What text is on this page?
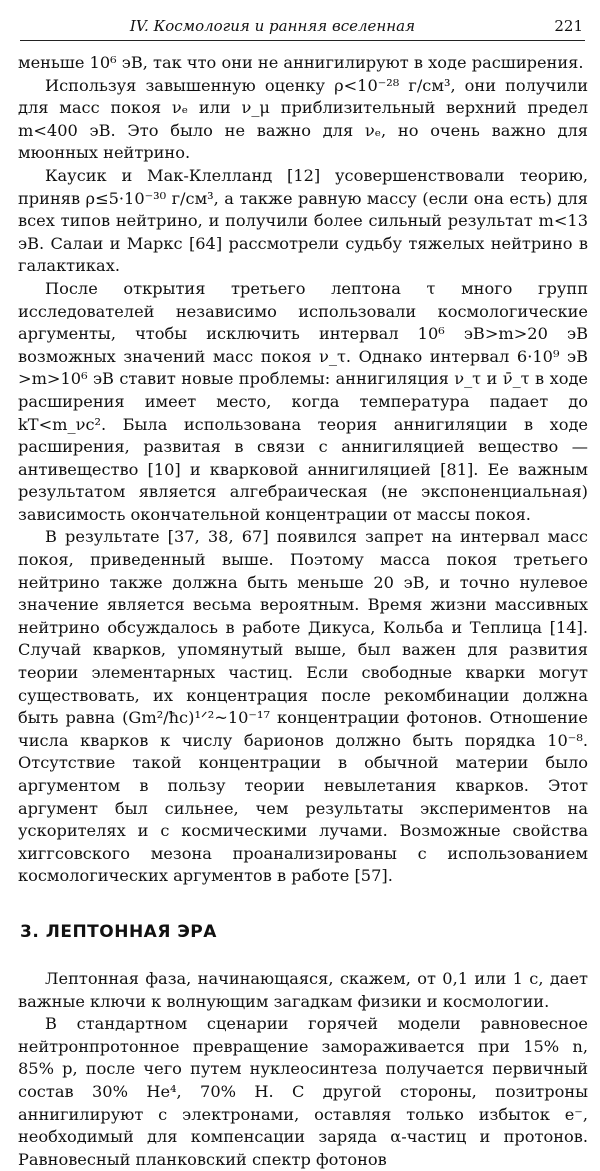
IV. Космология и ранняя вселенная	221

меньше 10⁶ эВ, так что они не аннигилируют в ходе расширения.

Используя завышенную оценку ρ<10⁻²⁸ г/см³, они получили для масс покоя νₑ или ν_μ приблизительный верхний предел m<400 эВ. Это было не важно для νₑ, но очень важно для мюонных нейтрино.

Каусик и Мак-Клелланд [12] усовершенствовали теорию, приняв ρ≤5·10⁻³⁰ г/см³, а также равную массу (если она есть) для всех типов нейтрино, и получили более сильный результат m<13 эВ. Салаи и Маркс [64] рассмотрели судьбу тяжелых нейтрино в галактиках.

После открытия третьего лептона τ много групп исследователей независимо использовали космологические аргументы, чтобы исключить интервал 10⁶ эВ>m>20 эВ возможных значений масс покоя ν_τ. Однако интервал 6·10⁹ эВ >m>10⁶ эВ ставит новые проблемы: аннигиляция ν_τ и ν̄_τ в ходе расширения имеет место, когда температура падает до kT<m_νc². Была использована теория аннигиляции в ходе расширения, развитая в связи с аннигиляцией вещество — антивещество [10] и кварковой аннигиляцией [81]. Ее важным результатом является алгебраическая (не экспоненциальная) зависимость окончательной концентрации от массы покоя.

В результате [37, 38, 67] появился запрет на интервал масс покоя, приведенный выше. Поэтому масса покоя третьего нейтрино также должна быть меньше 20 эВ, и точно нулевое значение является весьма вероятным. Время жизни массивных нейтрино обсуждалось в работе Дикуса, Кольба и Теплица [14]. Случай кварков, упомянутый выше, был важен для развития теории элементарных частиц. Если свободные кварки могут существовать, их концентрация после рекомбинации должна быть равна (Gm²/ħc)¹ᐟ²~10⁻¹⁷ концентрации фотонов. Отношение числа кварков к числу барионов должно быть порядка 10⁻⁸. Отсутствие такой концентрации в обычной материи было аргументом в пользу теории невылетания кварков. Этот аргумент был сильнее, чем результаты экспериментов на ускорителях и с космическими лучами. Возможные свойства хиггсовского мезона проанализированы с использованием космологических аргументов в работе [57].

3. ЛЕПТОННАЯ ЭРА

Лептонная фаза, начинающаяся, скажем, от 0,1 или 1 с, дает важные ключи к волнующим загадкам физики и космологии.

В стандартном сценарии горячей модели равновесное нейтронпротонное превращение замораживается при 15% n, 85% p, после чего путем нуклеосинтеза получается первичный состав 30% He⁴, 70% H. С другой стороны, позитроны аннигилируют с электронами, оставляя только избыток e⁻, необходимый для компенсации заряда α-частиц и протонов. Равновесный планковский спектр фотонов
